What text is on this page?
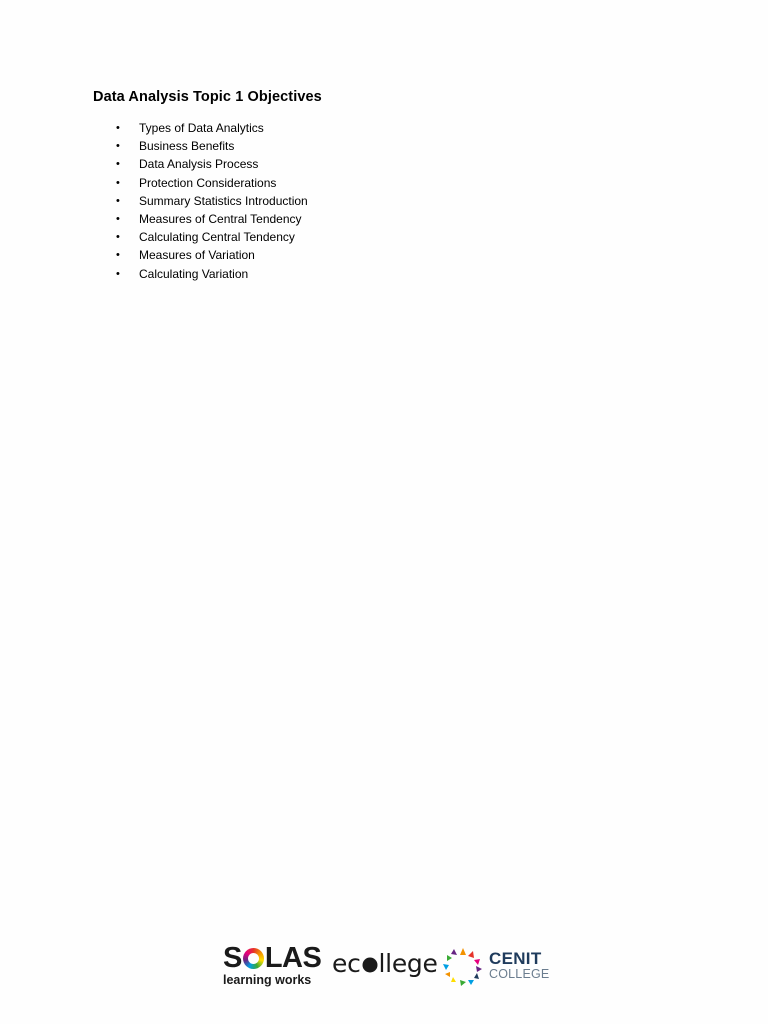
Data Analysis Topic 1 Objectives
• Types of Data Analytics
• Business Benefits
• Data Analysis Process
• Protection Considerations
• Summary Statistics Introduction
• Measures of Central Tendency
• Calculating Central Tendency
• Measures of Variation
• Calculating Variation
S LAS
learning works
ec llege	CENIT
COLLEGE
